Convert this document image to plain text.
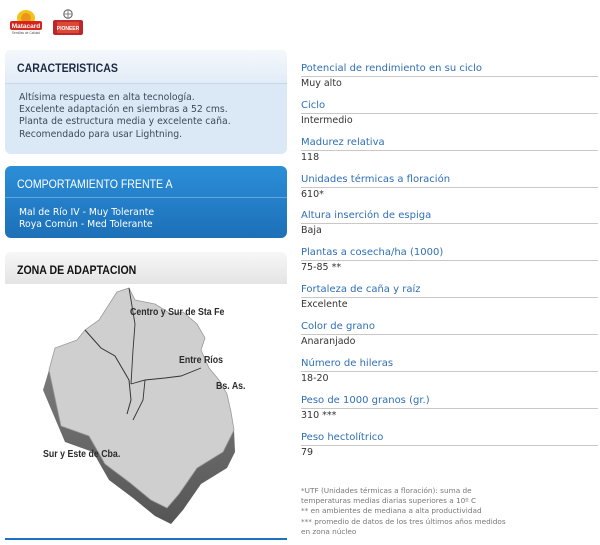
Matacard
Semillas de Calidad
PIONEER
CARACTERISTICAS
Altísima respuesta en alta tecnología.
Excelente adaptación en siembras a 52 cms.
Planta de estructura media y excelente caña.
Recomendado para usar Lightning.
COMPORTAMIENTO FRENTE A
Mal de Río IV - Muy Tolerante
Roya Común - Med Tolerante
ZONA DE ADAPTACION
Centro y Sur de Sta Fe
Entre Ríos
Bs. As.
Sur y Este de Cba.
Potencial de rendimiento en su ciclo
Muy alto
Ciclo
Intermedio
Madurez relativa
118
Unidades térmicas a floración
610*
Altura inserción de espiga
Baja
Plantas a cosecha/ha (1000)
75-85 **
Fortaleza de caña y raíz
Excelente
Color de grano
Anaranjado
Número de hileras
18-20
Peso de 1000 granos (gr.)
310 ***
Peso hectolítrico
79
*UTF (Unidades térmicas a floración): suma de
temperaturas medias diarias superiores a 10º C
** en ambientes de mediana a alta productividad
*** promedio de datos de los tres últimos años medidos
en zona núcleo
